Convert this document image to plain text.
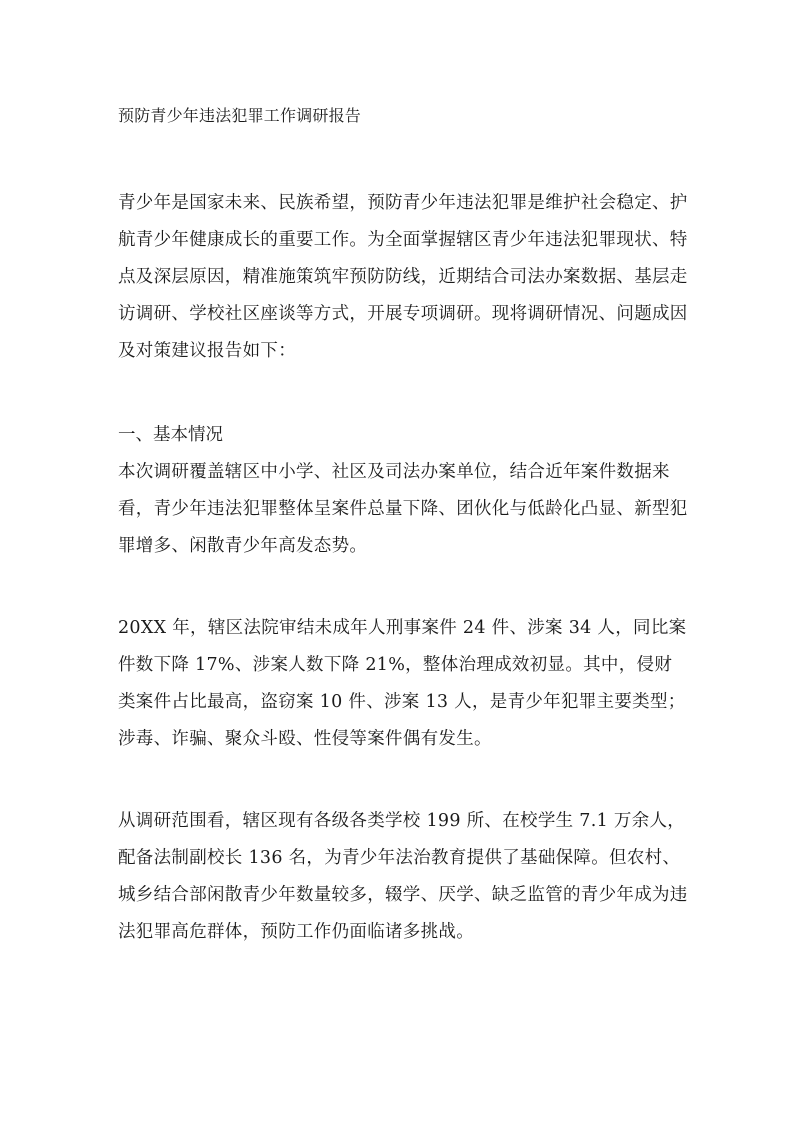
预防青少年违法犯罪工作调研报告

青少年是国家未来、民族希望，预防青少年违法犯罪是维护社会稳定、护航青少年健康成长的重要工作。为全面掌握辖区青少年违法犯罪现状、特点及深层原因，精准施策筑牢预防防线，近期结合司法办案数据、基层走访调研、学校社区座谈等方式，开展专项调研。现将调研情况、问题成因及对策建议报告如下：

一、基本情况

本次调研覆盖辖区中小学、社区及司法办案单位，结合近年案件数据来看，青少年违法犯罪整体呈案件总量下降、团伙化与低龄化凸显、新型犯罪增多、闲散青少年高发态势。

20XX 年，辖区法院审结未成年人刑事案件 24 件、涉案 34 人，同比案件数下降 17%、涉案人数下降 21%，整体治理成效初显。其中，侵财类案件占比最高，盗窃案 10 件、涉案 13 人，是青少年犯罪主要类型；涉毒、诈骗、聚众斗殴、性侵等案件偶有发生。

从调研范围看，辖区现有各级各类学校 199 所、在校学生 7.1 万余人，配备法制副校长 136 名，为青少年法治教育提供了基础保障。但农村、城乡结合部闲散青少年数量较多，辍学、厌学、缺乏监管的青少年成为违法犯罪高危群体，预防工作仍面临诸多挑战。
